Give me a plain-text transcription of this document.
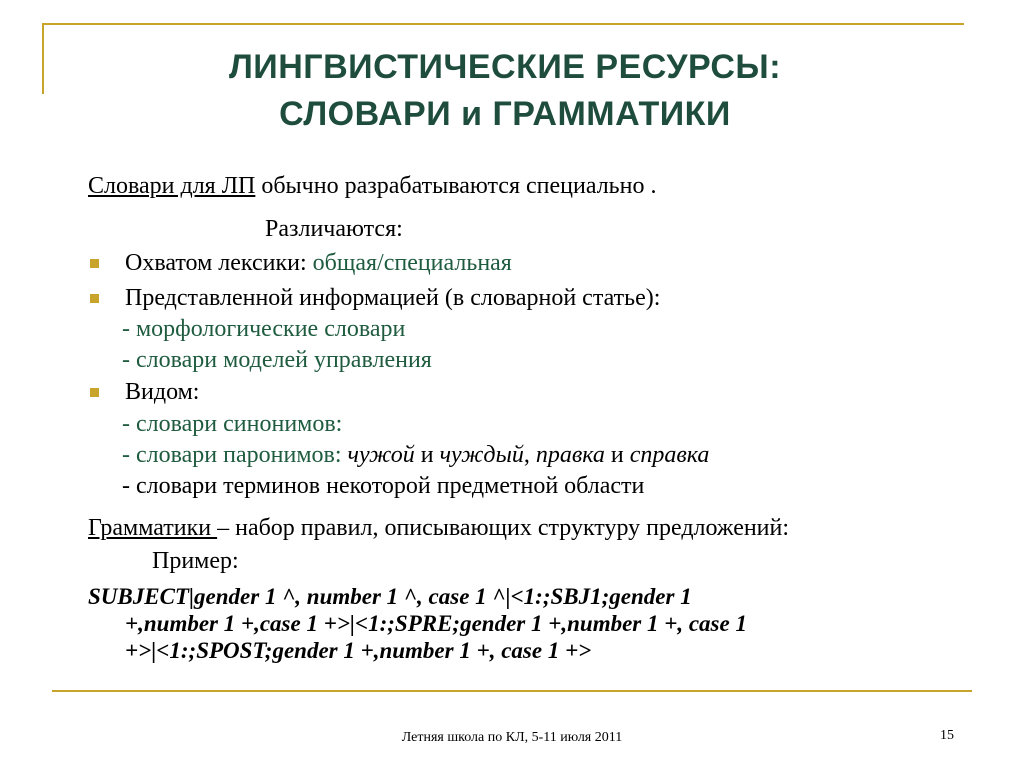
ЛИНГВИСТИЧЕСКИЕ РЕСУРСЫ:
СЛОВАРИ и ГРАММАТИКИ
Словари для ЛП обычно разрабатываются специально .
Различаются:
Охватом лексики: общая/специальная
Представленной информацией (в словарной статье):
- морфологические словари
- словари моделей управления
Видом:
- словари синонимов:
- словари паронимов: чужой и чуждый, правка и справка
- словари терминов некоторой предметной области
Грамматики – набор правил, описывающих структуру предложений:
Пример:
SUBJECT|gender 1 ^, number 1 ^, case 1 ^|<1:;SBJ1;gender 1
+,number 1 +,case 1 +>|<1:;SPRE;gender 1 +,number 1 +, case 1
+>|<1:;SPOST;gender 1 +,number 1 +, case 1 +>
Летняя школа по КЛ, 5-11 июля 2011	15
